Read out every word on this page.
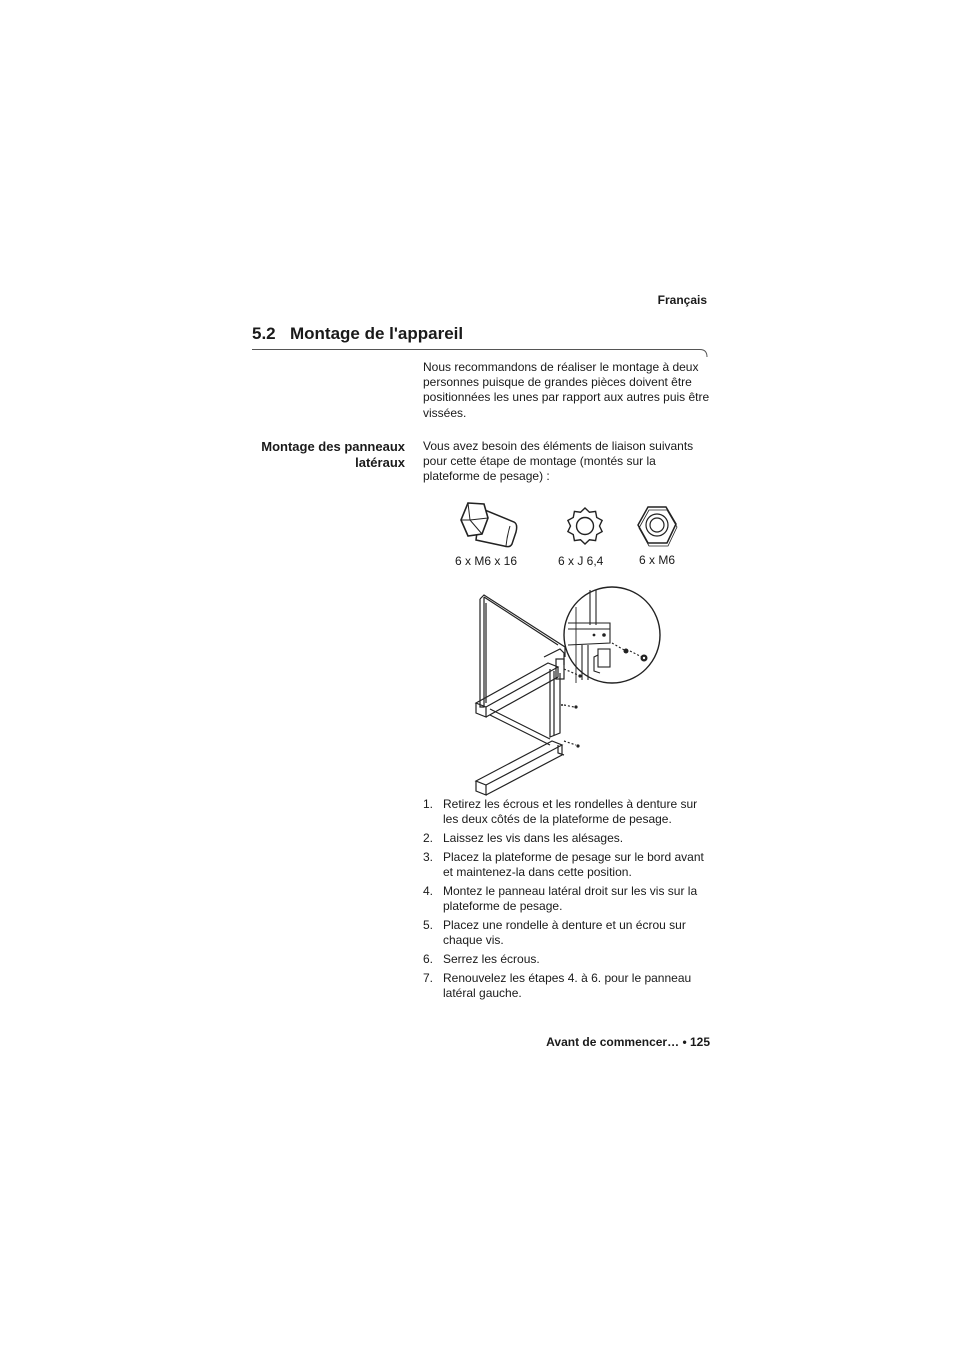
Français
5.2 Montage de l'appareil
Nous recommandons de réaliser le montage à deux personnes puisque de grandes pièces doivent être positionnées les unes par rapport aux autres puis être vissées.
Montage des panneaux latéraux
Vous avez besoin des éléments de liaison suivants pour cette étape de montage (montés sur la plateforme de pesage) :
6 x M6 x 16	6 x J 6,4	6 x M6
1. Retirez les écrous et les rondelles à denture sur les deux côtés de la plateforme de pesage.
2. Laissez les vis dans les alésages.
3. Placez la plateforme de pesage sur le bord avant et maintenez-la dans cette position.
4. Montez le panneau latéral droit sur les vis sur la plateforme de pesage.
5. Placez une rondelle à denture et un écrou sur chaque vis.
6. Serrez les écrous.
7. Renouvelez les étapes 4. à 6. pour le panneau latéral gauche.
Avant de commencer… • 125
